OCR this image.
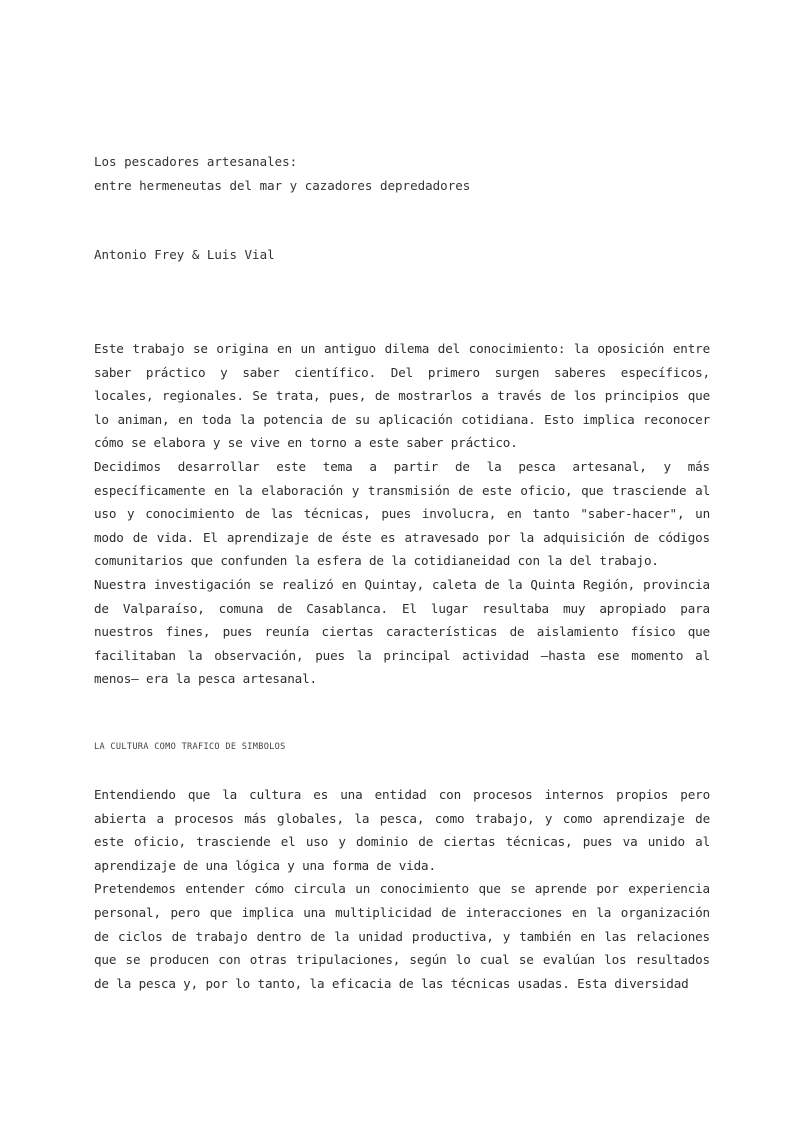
Los pescadores artesanales:
entre hermeneutas del mar y cazadores depredadores
Antonio Frey & Luis Vial

Este trabajo se origina en un antiguo dilema del conocimiento: la oposición entre saber práctico y saber científico. Del primero surgen saberes específicos, locales, regionales. Se trata, pues, de mostrarlos a través de los principios que lo animan, en toda la potencia de su aplicación cotidiana. Esto implica reconocer cómo se elabora y se vive en torno a este saber práctico.

Decidimos desarrollar este tema a partir de la pesca artesanal, y más específicamente en la elaboración y transmisión de este oficio, que trasciende al uso y conocimiento de las técnicas, pues involucra, en tanto "saber-hacer", un modo de vida. El aprendizaje de éste es atravesado por la adquisición de códigos comunitarios que confunden la esfera de la cotidianeidad con la del trabajo.

Nuestra investigación se realizó en Quintay, caleta de la Quinta Región, provincia de Valparaíso, comuna de Casablanca. El lugar resultaba muy apropiado para nuestros fines, pues reunía ciertas características de aislamiento físico que facilitaban la observación, pues la principal actividad —hasta ese momento al menos— era la pesca artesanal.

LA CULTURA COMO TRAFICO DE SIMBOLOS

Entendiendo que la cultura es una entidad con procesos internos propios pero abierta a procesos más globales, la pesca, como trabajo, y como aprendizaje de este oficio, trasciende el uso y dominio de ciertas técnicas, pues va unido al aprendizaje de una lógica y una forma de vida.

Pretendemos entender cómo circula un conocimiento que se aprende por experiencia personal, pero que implica una multiplicidad de interacciones en la organización de ciclos de trabajo dentro de la unidad productiva, y también en las relaciones que se producen con otras tripulaciones, según lo cual se evalúan los resultados de la pesca y, por lo tanto, la eficacia de las técnicas usadas. Esta diversidad
